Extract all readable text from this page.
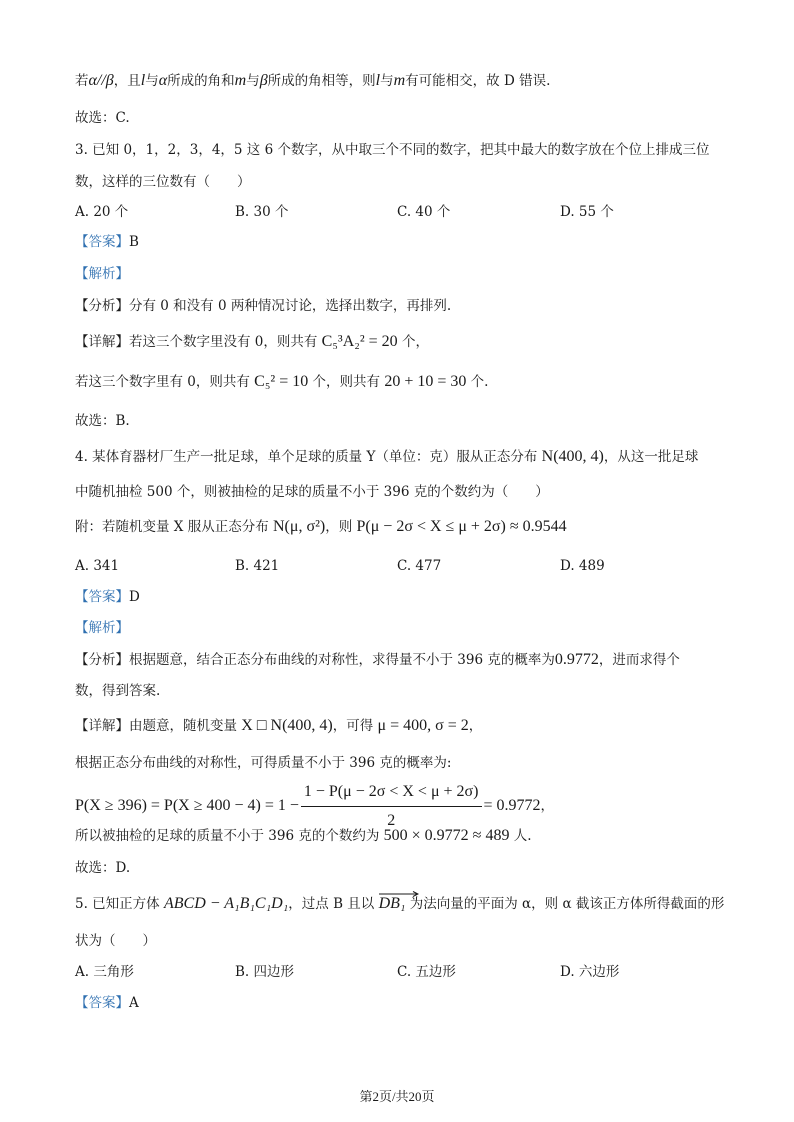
若α//β，且l与α所成的角和m与β所成的角相等，则l与m有可能相交，故 D 错误.
故选：C.
3. 已知 0，1，2，3，4，5 这 6 个数字，从中取三个不同的数字，把其中最大的数字放在个位上排成三位
数，这样的三位数有（　　）
A. 20 个	B. 30 个	C. 40 个	D. 55 个
【答案】B
【解析】
【分析】分有 0 和没有 0 两种情况讨论，选择出数字，再排列.
【详解】若这三个数字里没有 0，则共有 C₅³A₂² = 20 个，
若这三个数字里有 0，则共有 C₅² = 10 个，则共有 20 + 10 = 30 个.
故选：B.
4. 某体育器材厂生产一批足球，单个足球的质量 Y（单位：克）服从正态分布 N(400, 4)，从这一批足球
中随机抽检 500 个，则被抽检的足球的质量不小于 396 克的个数约为（　　）
附：若随机变量 X 服从正态分布 N(μ, σ²)，则 P(μ − 2σ < X ≤ μ + 2σ) ≈ 0.9544
A. 341	B. 421	C. 477	D. 489
【答案】D
【解析】
【分析】根据题意，结合正态分布曲线的对称性，求得量不小于 396 克的概率为0.9772，进而求得个
数，得到答案.
【详解】由题意，随机变量 X □ N(400, 4)，可得 μ = 400, σ = 2，
根据正态分布曲线的对称性，可得质量不小于 396 克的概率为:
$P(X \ge 396) = P(X \ge 400 - 4) = 1 - \frac{1 - P(\mu - 2\sigma < X < \mu + 2\sigma)}{2} = 0.9772$，
所以被抽检的足球的质量不小于 396 克的个数约为 500 × 0.9772 ≈ 489 人.
故选：D.
5. 已知正方体 ABCD − A₁B₁C₁D₁，过点 B 且以
DB₁ 为法向量的平面为 α，则 α 截该正方体所得截面的形
状为（　　）
A. 三角形	B. 四边形	C. 五边形	D. 六边形
【答案】A
第2页/共20页
